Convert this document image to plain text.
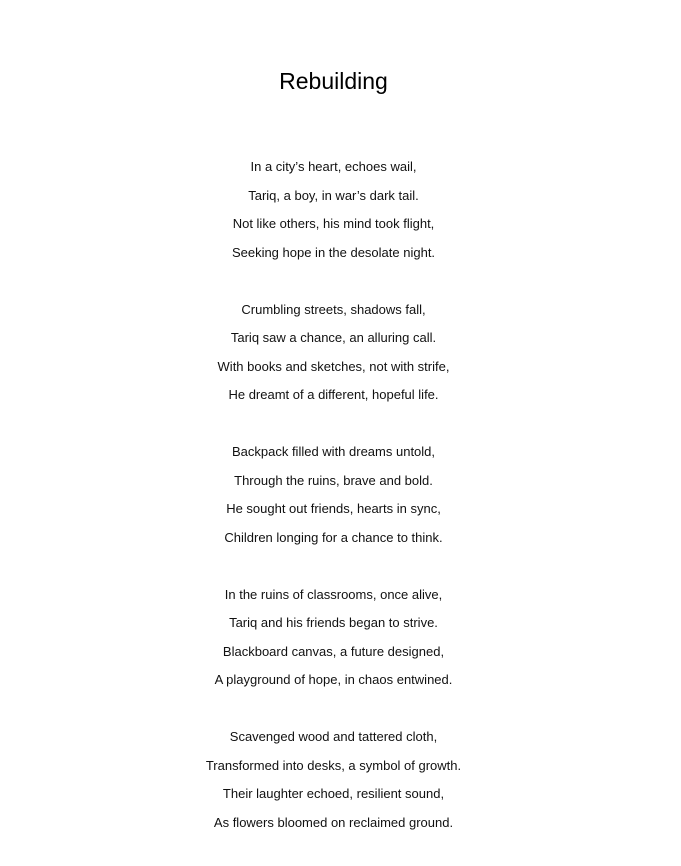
Rebuilding
In a city’s heart, echoes wail,
Tariq, a boy, in war’s dark tail.
Not like others, his mind took flight,
Seeking hope in the desolate night.
Crumbling streets, shadows fall,
Tariq saw a chance, an alluring call.
With books and sketches, not with strife,
He dreamt of a different, hopeful life.
Backpack filled with dreams untold,
Through the ruins, brave and bold.
He sought out friends, hearts in sync,
Children longing for a chance to think.
In the ruins of classrooms, once alive,
Tariq and his friends began to strive.
Blackboard canvas, a future designed,
A playground of hope, in chaos entwined.
Scavenged wood and tattered cloth,
Transformed into desks, a symbol of growth.
Their laughter echoed, resilient sound,
As flowers bloomed on reclaimed ground.
